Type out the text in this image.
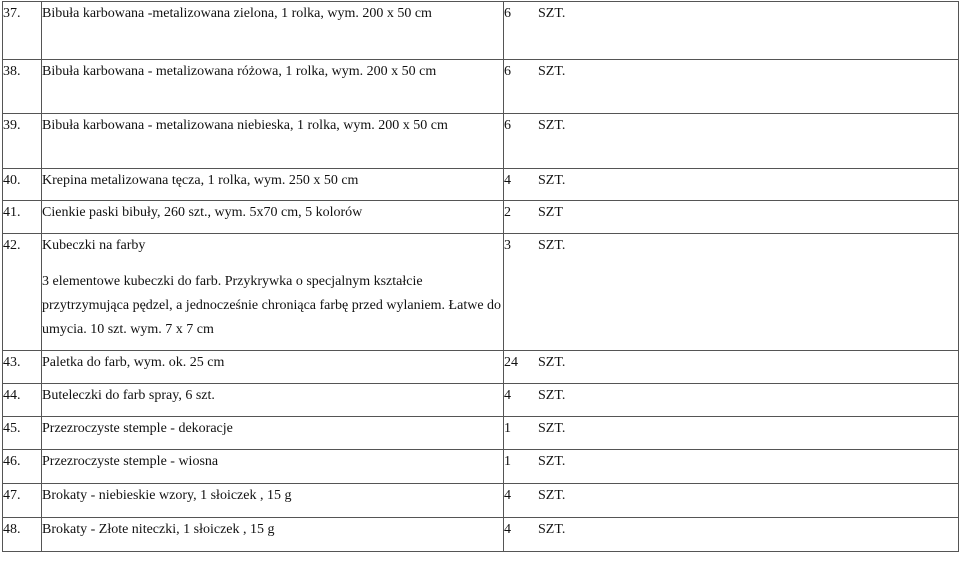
37.	Bibuła karbowana -metalizowana zielona, 1 rolka, wym. 200 x 50 cm	6 SZT.
38.	Bibuła karbowana - metalizowana różowa, 1 rolka, wym. 200 x 50 cm	6 SZT.
39.	Bibuła karbowana - metalizowana niebieska, 1 rolka, wym. 200 x 50 cm	6 SZT.
40.	Krepina metalizowana tęcza, 1 rolka, wym. 250 x 50 cm	4 SZT.
41.	Cienkie paski bibuły, 260 szt., wym. 5x70 cm, 5 kolorów	2 SZT
42.	Kubeczki na farby
3 elementowe kubeczki do farb. Przykrywka o specjalnym kształcie przytrzymująca pędzel, a jednocześnie chroniąca farbę przed wylaniem. Łatwe do umycia. 10 szt. wym. 7 x 7 cm	3 SZT.
43.	Paletka do farb, wym. ok. 25 cm	24 SZT.
44.	Buteleczki do farb spray, 6 szt.	4 SZT.
45.	Przezroczyste stemple - dekoracje	1 SZT.
46.	Przezroczyste stemple - wiosna	1 SZT.
47.	Brokaty - niebieskie wzory, 1 słoiczek , 15 g	4 SZT.
48.	Brokaty - Złote niteczki, 1 słoiczek , 15 g	4 SZT.
